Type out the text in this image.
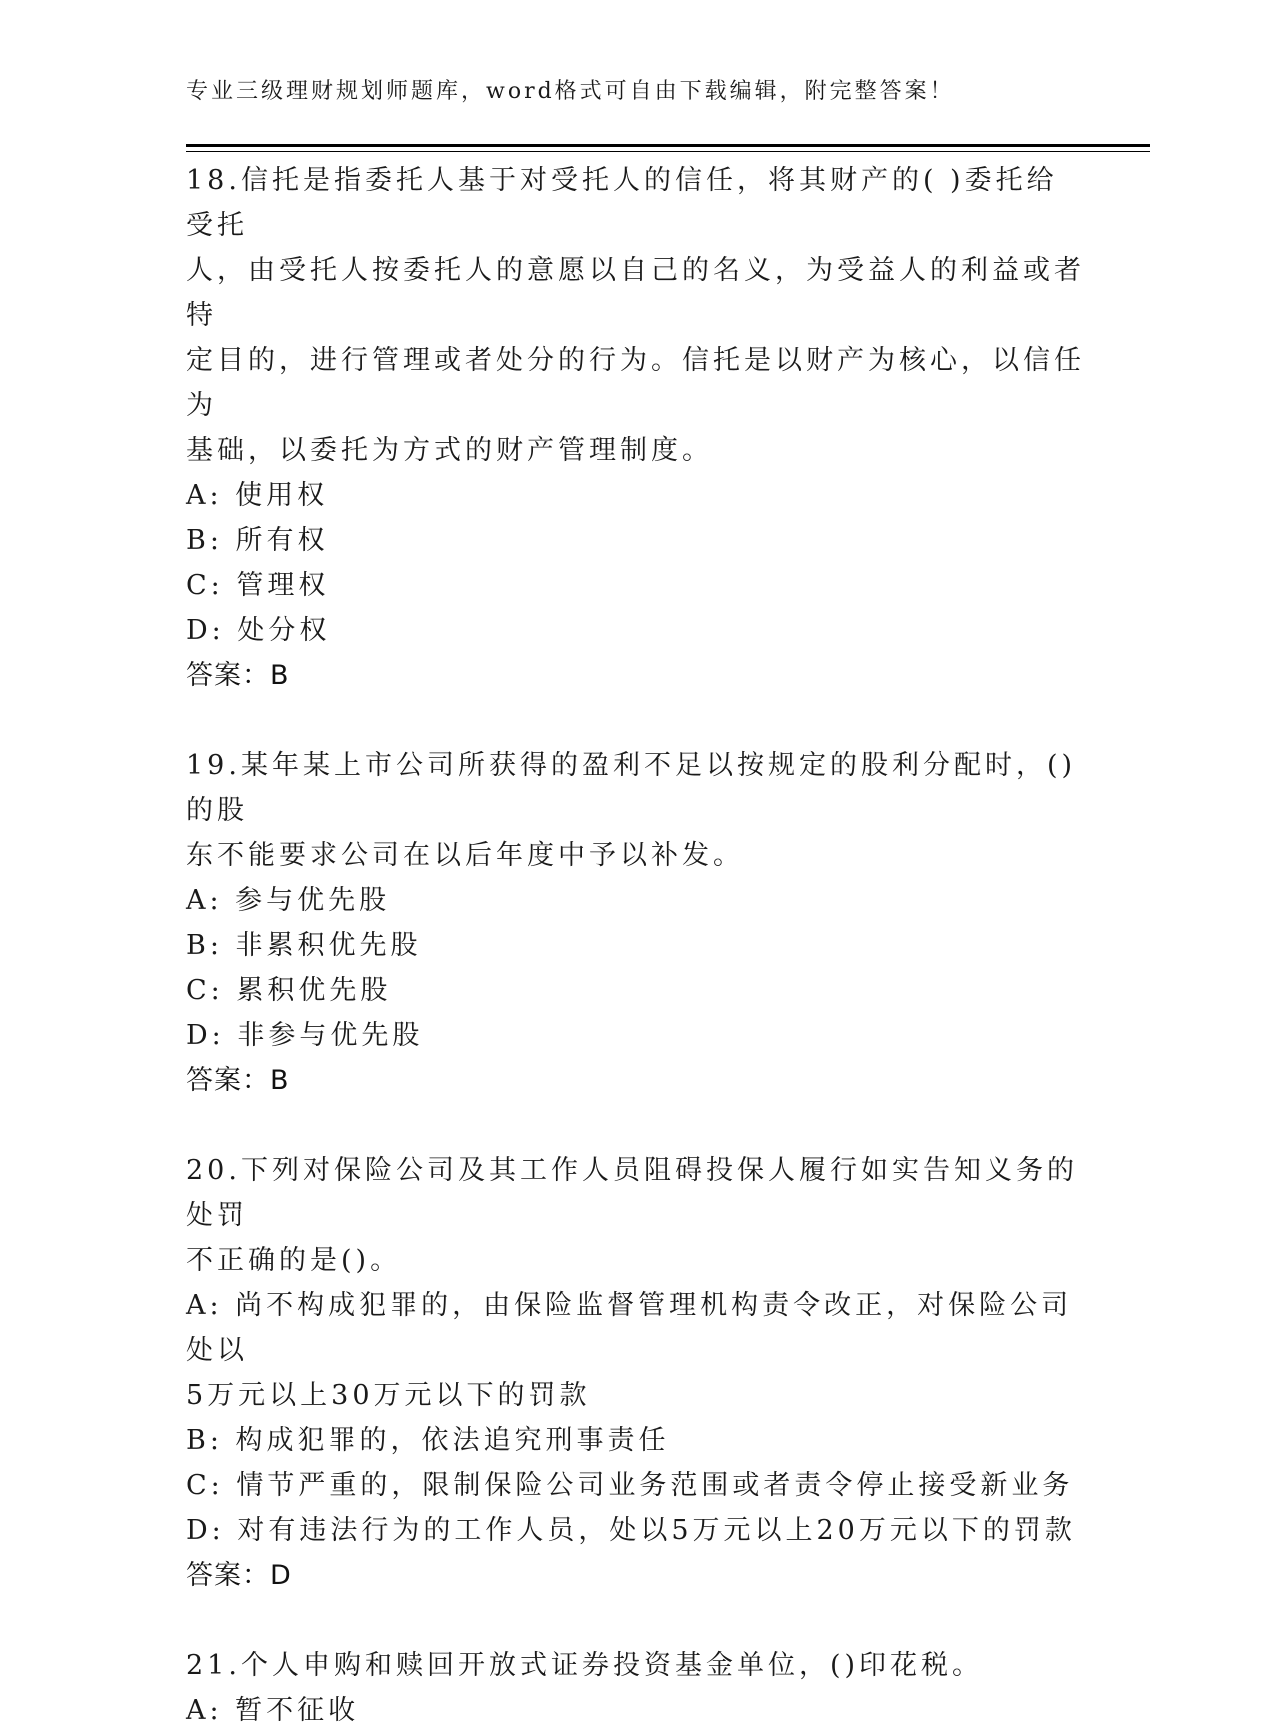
专业三级理财规划师题库，word格式可自由下载编辑，附完整答案！

18.信托是指委托人基于对受托人的信任，将其财产的( )委托给受托

人，由受托人按委托人的意愿以自己的名义，为受益人的利益或者特

定目的，进行管理或者处分的行为。信托是以财产为核心，以信任为

基础，以委托为方式的财产管理制度。

A: 使用权

B: 所有权

C: 管理权

D: 处分权

答案：B

19.某年某上市公司所获得的盈利不足以按规定的股利分配时，()的股

东不能要求公司在以后年度中予以补发。

A: 参与优先股

B: 非累积优先股

C: 累积优先股

D: 非参与优先股

答案：B

20.下列对保险公司及其工作人员阻碍投保人履行如实告知义务的处罚

不正确的是()。

A: 尚不构成犯罪的，由保险监督管理机构责令改正，对保险公司处以

5万元以上30万元以下的罚款

B: 构成犯罪的，依法追究刑事责任

C: 情节严重的，限制保险公司业务范围或者责令停止接受新业务

D: 对有违法行为的工作人员，处以5万元以上20万元以下的罚款

答案：D

21.个人申购和赎回开放式证券投资基金单位，()印花税。

A: 暂不征收
